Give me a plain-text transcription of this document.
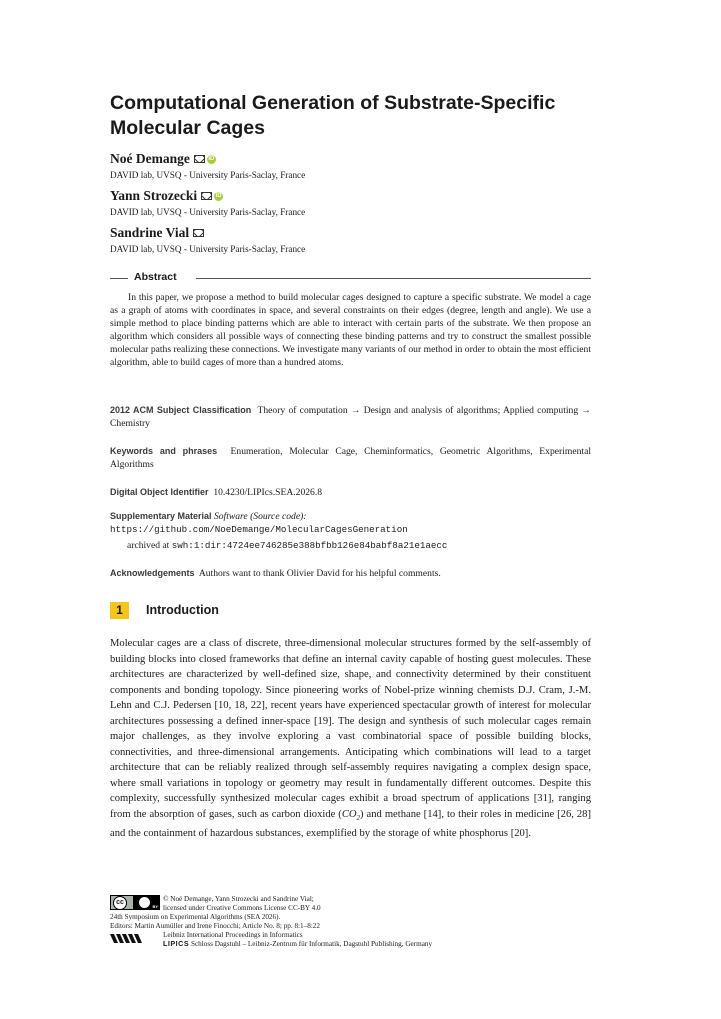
Computational Generation of Substrate-Specific Molecular Cages
Noé Demange	iD
DAVID lab, UVSQ - University Paris-Saclay, France
Yann Strozecki	iD
DAVID lab, UVSQ - University Paris-Saclay, France
Sandrine Vial
DAVID lab, UVSQ - University Paris-Saclay, France
Abstract
In this paper, we propose a method to build molecular cages designed to capture a specific substrate. We model a cage as a graph of atoms with coordinates in space, and several constraints on their edges (degree, length and angle). We use a simple method to place binding patterns which are able to interact with certain parts of the substrate. We then propose an algorithm which considers all possible ways of connecting these binding patterns and try to construct the smallest possible molecular paths realizing these connections. We investigate many variants of our method in order to obtain the most efficient algorithm, able to build cages of more than a hundred atoms.
2012 ACM Subject Classification Theory of computation → Design and analysis of algorithms; Applied computing → Chemistry
Keywords and phrases Enumeration, Molecular Cage, Cheminformatics, Geometric Algorithms, Experimental Algorithms
Digital Object Identifier 10.4230/LIPIcs.SEA.2026.8
Supplementary Material Software (Source code):
https://github.com/NoeDemange/MolecularCagesGeneration
archived at swh:1:dir:4724ee746285e388bfbb126e84babf8a21e1aecc
Acknowledgements Authors want to thank Olivier David for his helpful comments.
1	Introduction
Molecular cages are a class of discrete, three-dimensional molecular structures formed by the self-assembly of building blocks into closed frameworks that define an internal cavity capable of hosting guest molecules. These architectures are characterized by well-defined size, shape, and connectivity determined by their constituent components and bonding topology. Since pioneering works of Nobel-prize winning chemists D.J. Cram, J.-M. Lehn and C.J. Pedersen [10, 18, 22], recent years have experienced spectacular growth of interest for molecular architectures possessing a defined inner-space [19]. The design and synthesis of such molecular cages remain major challenges, as they involve exploring a vast combinatorial space of possible building blocks, connectivities, and three-dimensional arrangements. Anticipating which combinations will lead to a target architecture that can be reliably realized through self-assembly requires navigating a complex design space, where small variations in topology or geometry may result in fundamentally different outcomes. Despite this complexity, successfully synthesized molecular cages exhibit a broad spectrum of applications [31], ranging from the absorption of gases, such as carbon dioxide $(CO_2)$ and methane [14], to their roles in medicine [26, 28] and the containment of hazardous substances, exemplified by the storage of white phosphorus [20].
cc
BY
© Noé Demange, Yann Strozecki and Sandrine Vial;
licensed under Creative Commons License CC-BY 4.0
24th Symposium on Experimental Algorithms (SEA 2026).
Editors: Martin Aumüller and Irene Finocchi; Article No. 8; pp. 8:1–8:22
Leibniz International Proceedings in Informatics
LIPICS Schloss Dagstuhl – Leibniz-Zentrum für Informatik, Dagstuhl Publishing, Germany
